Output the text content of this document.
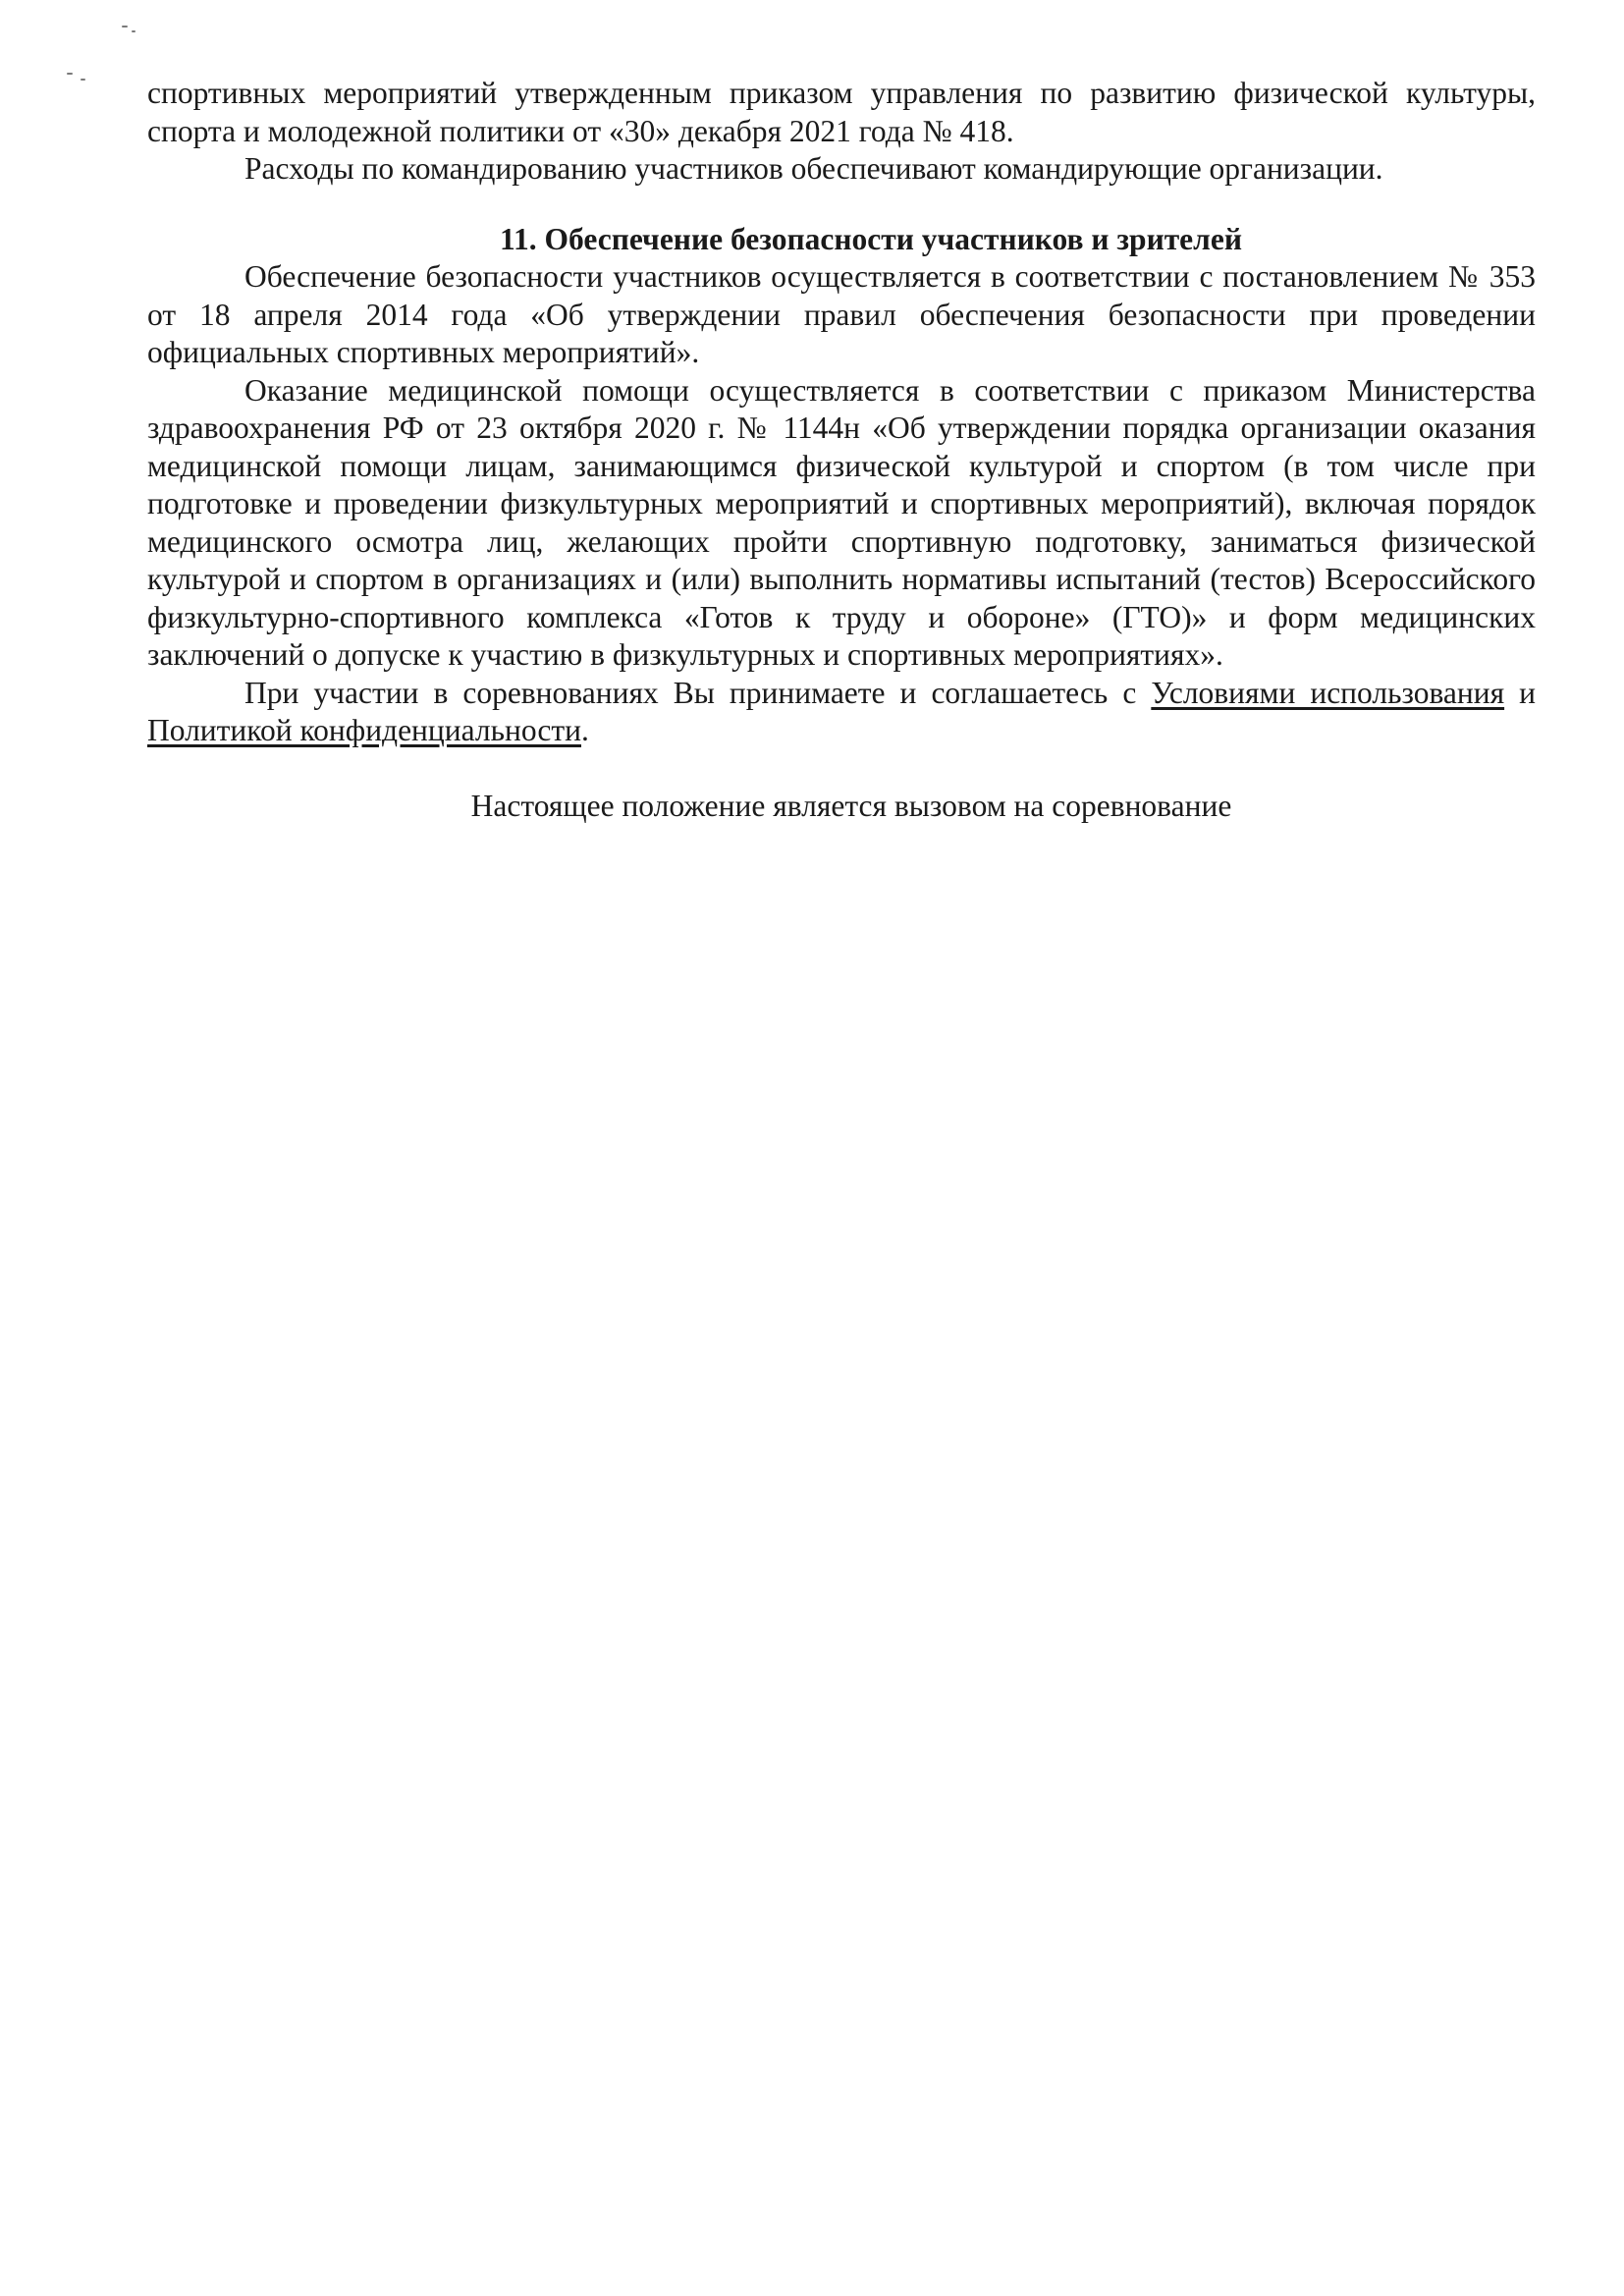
спортивных мероприятий утвержденным приказом управления по развитию физической культуры, спорта и молодежной политики от «30» декабря 2021 года № 418.

Расходы по командированию участников обеспечивают командирующие организации.

11. Обеспечение безопасности участников и зрителей

Обеспечение безопасности участников осуществляется в соответствии с постановлением № 353 от 18 апреля 2014 года «Об утверждении правил обеспечения безопасности при проведении официальных спортивных мероприятий».

Оказание медицинской помощи осуществляется в соответствии с приказом Министерства здравоохранения РФ от 23 октября 2020 г. № 1144н «Об утверждении порядка организации оказания медицинской помощи лицам, занимающимся физической культурой и спортом (в том числе при подготовке и проведении физкультурных мероприятий и спортивных мероприятий), включая порядок медицинского осмотра лиц, желающих пройти спортивную подготовку, заниматься физической культурой и спортом в организациях и (или) выполнить нормативы испытаний (тестов) Всероссийского физкультурно-спортивного комплекса «Готов к труду и обороне» (ГТО)» и форм медицинских заключений о допуске к участию в физкультурных и спортивных мероприятиях».

При участии в соревнованиях Вы принимаете и соглашаетесь с Условиями использования и Политикой конфиденциальности.

Настоящее положение является вызовом на соревнование
